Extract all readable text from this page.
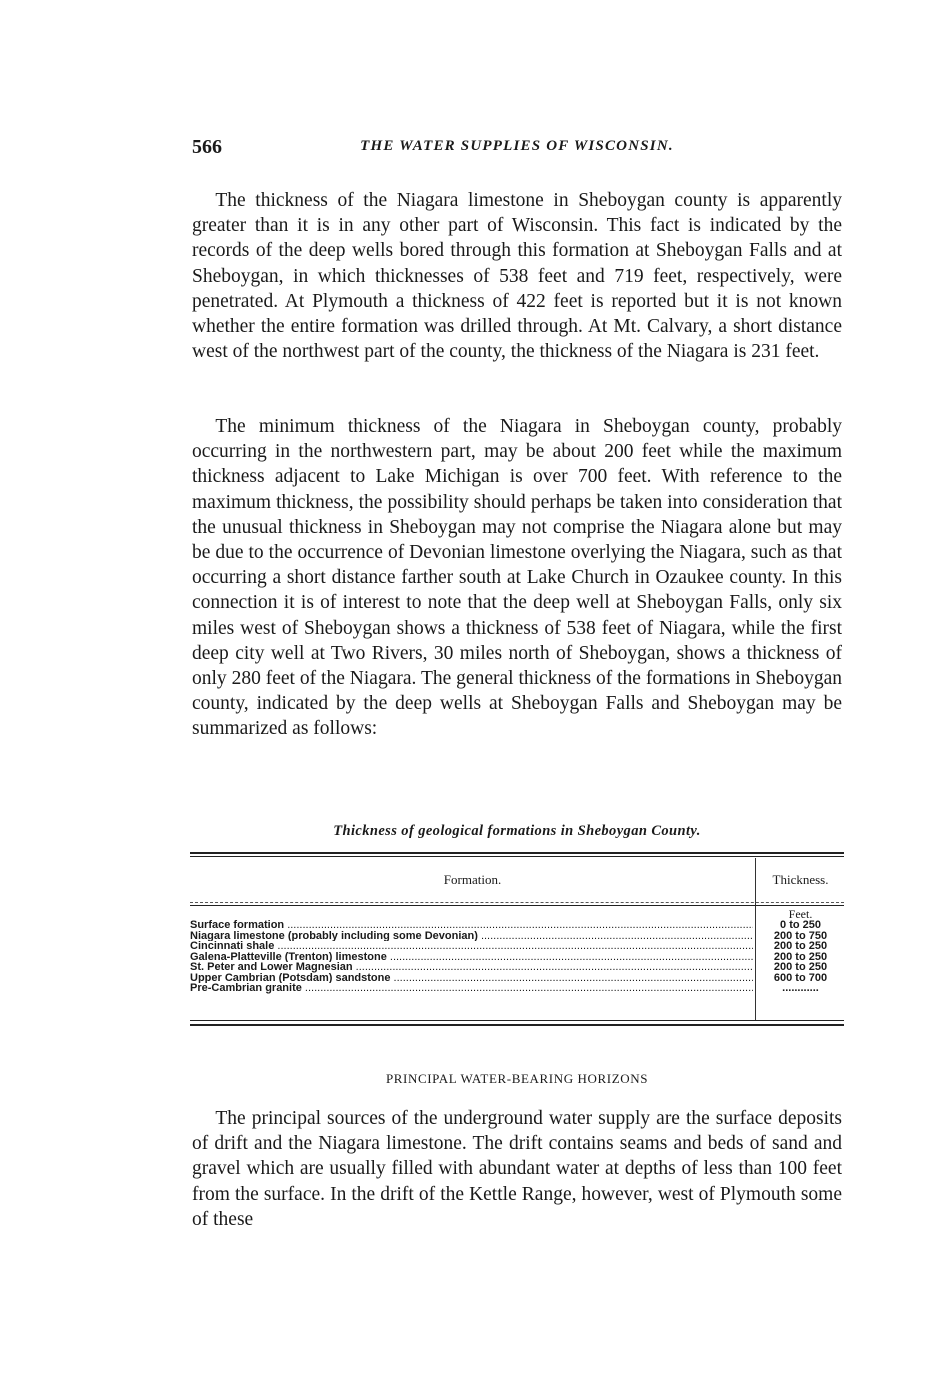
566	THE WATER SUPPLIES OF WISCONSIN.

The thickness of the Niagara limestone in Sheboygan county is apparently greater than it is in any other part of Wisconsin. This fact is indicated by the records of the deep wells bored through this formation at Sheboygan Falls and at Sheboygan, in which thicknesses of 538 feet and 719 feet, respectively, were penetrated. At Plymouth a thickness of 422 feet is reported but it is not known whether the entire formation was drilled through. At Mt. Calvary, a short distance west of the northwest part of the county, the thickness of the Niagara is 231 feet.

The minimum thickness of the Niagara in Sheboygan county, probably occurring in the northwestern part, may be about 200 feet while the maximum thickness adjacent to Lake Michigan is over 700 feet. With reference to the maximum thickness, the possibility should perhaps be taken into consideration that the unusual thickness in Sheboygan may not comprise the Niagara alone but may be due to the occurrence of Devonian limestone overlying the Niagara, such as that occurring a short distance farther south at Lake Church in Ozaukee county. In this connection it is of interest to note that the deep well at Sheboygan Falls, only six miles west of Sheboygan shows a thickness of 538 feet of Niagara, while the first deep city well at Two Rivers, 30 miles north of Sheboygan, shows a thickness of only 280 feet of the Niagara. The general thickness of the formations in Sheboygan county, indicated by the deep wells at Sheboygan Falls and Sheboygan may be summarized as follows:

Thickness of geological formations in Sheboygan County.
Formation.	Thickness.
Feet.
Surface formation .....	0 to 250
Niagara limestone (probably including some Devonian) .....	200 to 750
Cincinnati shale .....	200 to 250
Galena-Platteville (Trenton) limestone .....	200 to 250
St. Peter and Lower Magnesian .....	200 to 250
Upper Cambrian (Potsdam) sandstone .....	600 to 700
Pre-Cambrian granite .....	............
PRINCIPAL WATER-BEARING HORIZONS

The principal sources of the underground water supply are the surface deposits of drift and the Niagara limestone. The drift contains seams and beds of sand and gravel which are usually filled with abundant water at depths of less than 100 feet from the surface. In the drift of the Kettle Range, however, west of Plymouth some of these
